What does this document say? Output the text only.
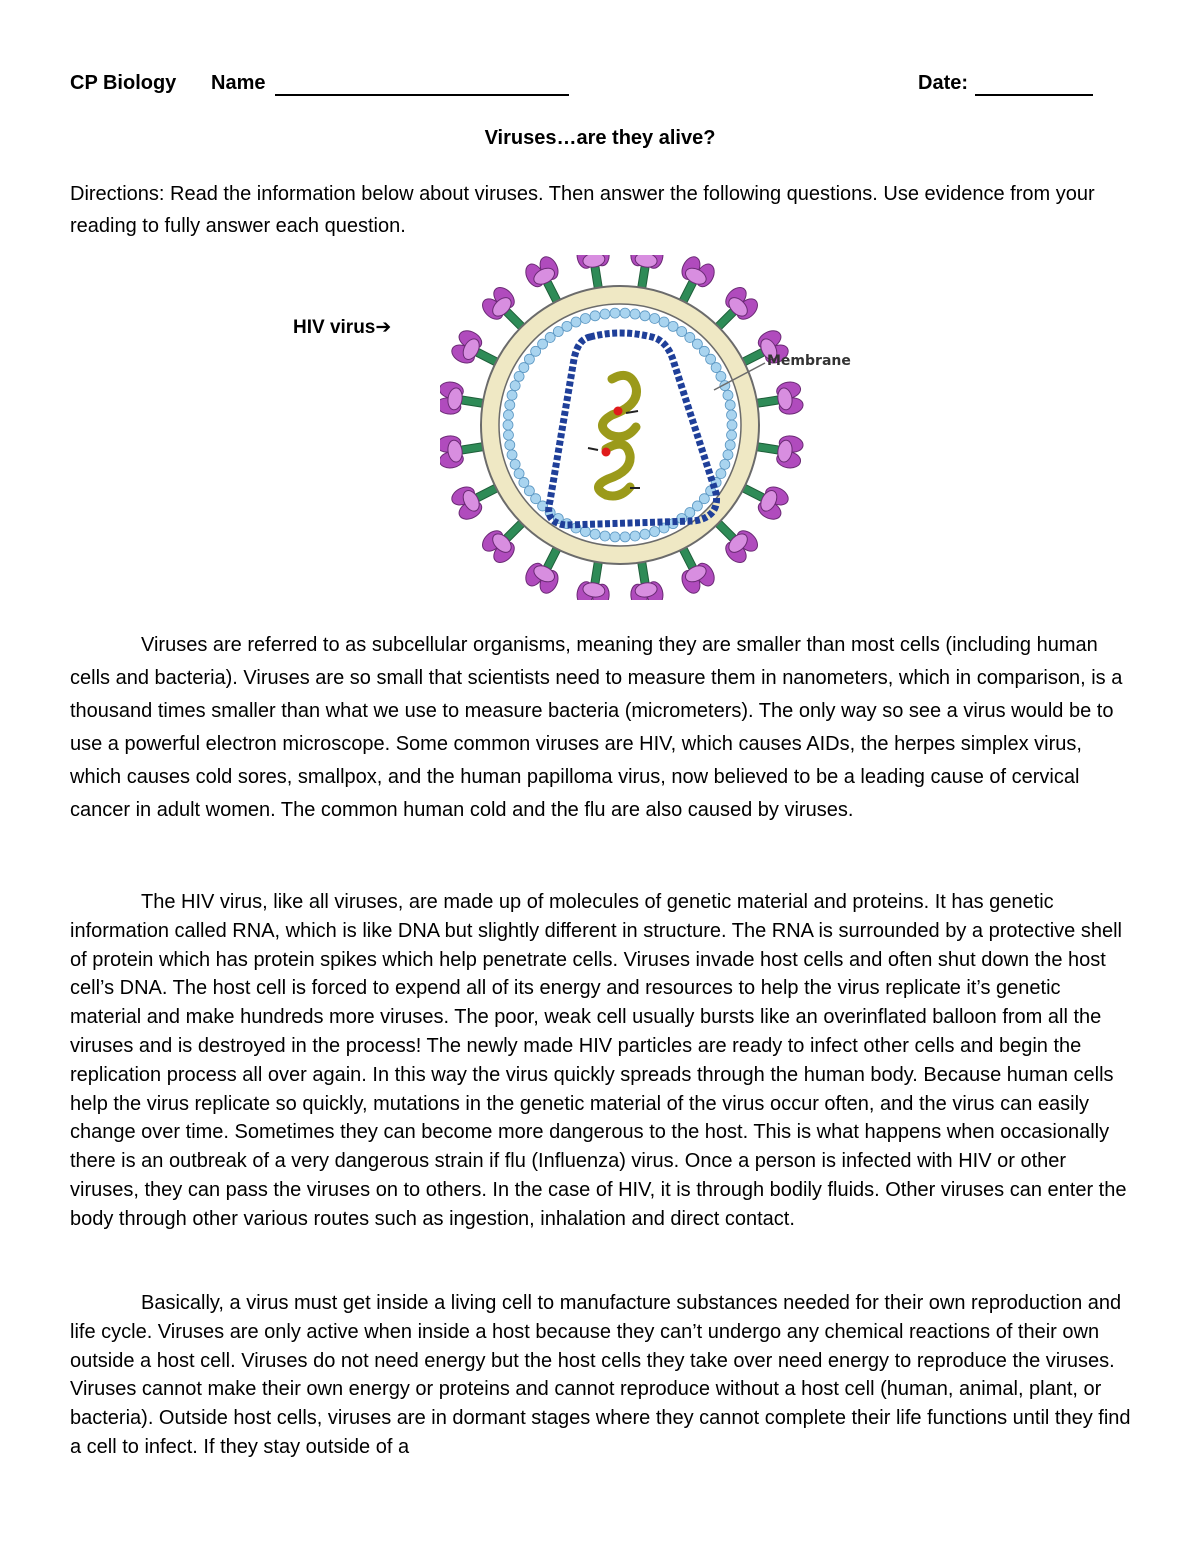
CP Biology Name	Date:
Viruses…are they alive?

Directions: Read the information below about viruses. Then answer the following questions. Use evidence from your reading to fully answer each question.

HIV virus➔
Membrane

Viruses are referred to as subcellular organisms, meaning they are smaller than most cells (including human cells and bacteria). Viruses are so small that scientists need to measure them in nanometers, which in comparison, is a thousand times smaller than what we use to measure bacteria (micrometers). The only way so see a virus would be to use a powerful electron microscope. Some common viruses are HIV, which causes AIDs, the herpes simplex virus, which causes cold sores, smallpox, and the human papilloma virus, now believed to be a leading cause of cervical cancer in adult women. The common human cold and the flu are also caused by viruses.

The HIV virus, like all viruses, are made up of molecules of genetic material and proteins. It has genetic information called RNA, which is like DNA but slightly different in structure. The RNA is surrounded by a protective shell of protein which has protein spikes which help penetrate cells. Viruses invade host cells and often shut down the host cell’s DNA. The host cell is forced to expend all of its energy and resources to help the virus replicate it’s genetic material and make hundreds more viruses. The poor, weak cell usually bursts like an overinflated balloon from all the viruses and is destroyed in the process! The newly made HIV particles are ready to infect other cells and begin the replication process all over again. In this way the virus quickly spreads through the human body. Because human cells help the virus replicate so quickly, mutations in the genetic material of the virus occur often, and the virus can easily change over time. Sometimes they can become more dangerous to the host. This is what happens when occasionally there is an outbreak of a very dangerous strain if flu (Influenza) virus. Once a person is infected with HIV or other viruses, they can pass the viruses on to others. In the case of HIV, it is through bodily fluids. Other viruses can enter the body through other various routes such as ingestion, inhalation and direct contact.

Basically, a virus must get inside a living cell to manufacture substances needed for their own reproduction and life cycle. Viruses are only active when inside a host because they can’t undergo any chemical reactions of their own outside a host cell. Viruses do not need energy but the host cells they take over need energy to reproduce the viruses. Viruses cannot make their own energy or proteins and cannot reproduce without a host cell (human, animal, plant, or bacteria). Outside host cells, viruses are in dormant stages where they cannot complete their life functions until they find a cell to infect. If they stay outside of a
